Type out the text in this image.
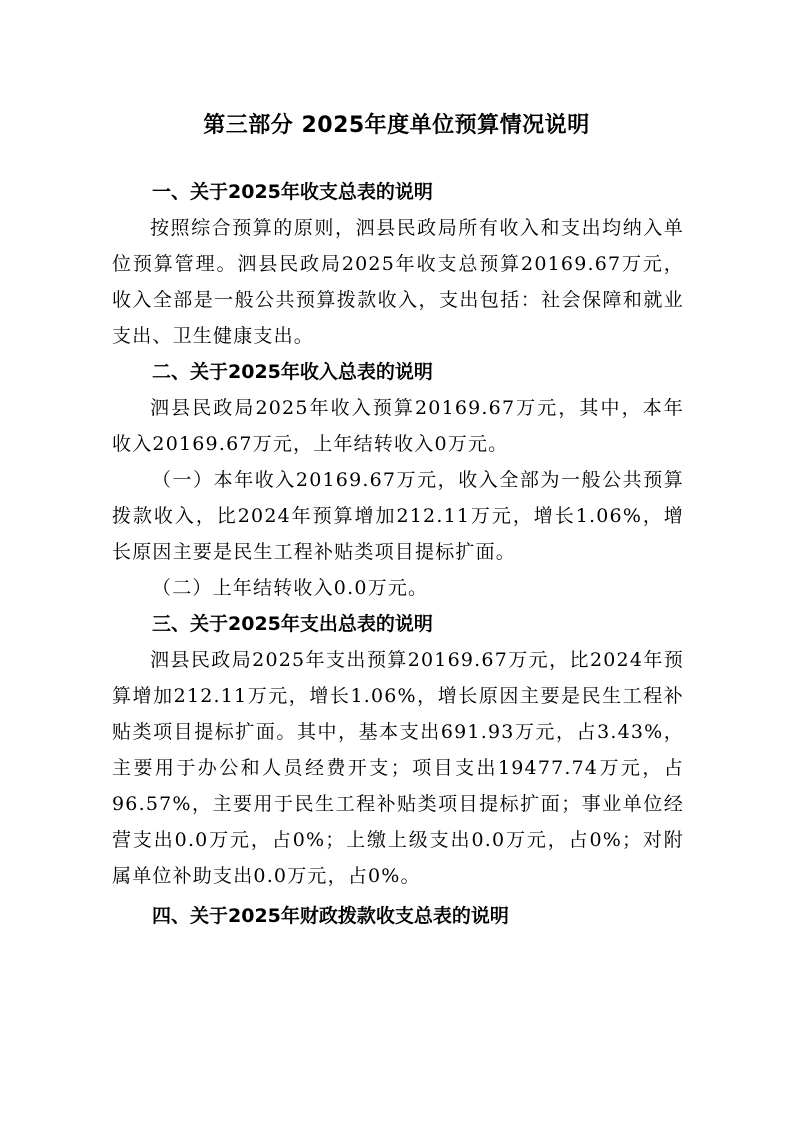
第三部分 2025年度单位预算情况说明
一、关于2025年收支总表的说明

按照综合预算的原则，泗县民政局所有收入和支出均纳入单位预算管理。泗县民政局2025年收支总预算20169.67万元，收入全部是一般公共预算拨款收入，支出包括：社会保障和就业支出、卫生健康支出。

二、关于2025年收入总表的说明

泗县民政局2025年收入预算20169.67万元，其中，本年收入20169.67万元，上年结转收入0万元。

（一）本年收入20169.67万元，收入全部为一般公共预算拨款收入，比2024年预算增加212.11万元，增长1.06%，增长原因主要是民生工程补贴类项目提标扩面。

（二）上年结转收入0.0万元。

三、关于2025年支出总表的说明

泗县民政局2025年支出预算20169.67万元，比2024年预算增加212.11万元，增长1.06%，增长原因主要是民生工程补贴类项目提标扩面。其中，基本支出691.93万元，占3.43%，主要用于办公和人员经费开支；项目支出19477.74万元，占96.57%，主要用于民生工程补贴类项目提标扩面；事业单位经营支出0.0万元，占0%；上缴上级支出0.0万元，占0%；对附属单位补助支出0.0万元，占0%。

四、关于2025年财政拨款收支总表的说明
